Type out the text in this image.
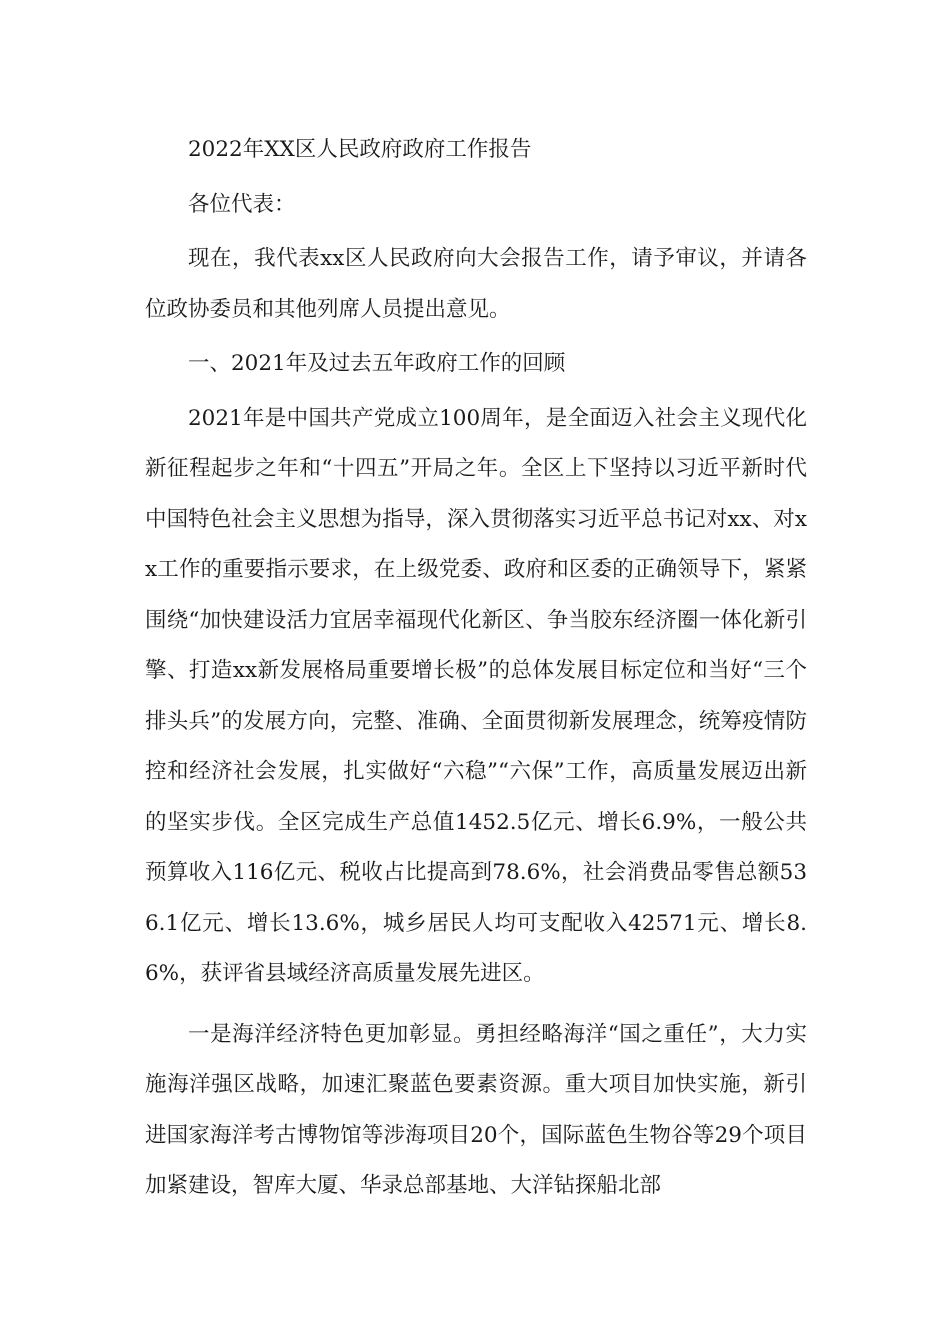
2022年XX区人民政府政府工作报告

各位代表：

现在，我代表xx区人民政府向大会报告工作，请予审议，并请各位政协委员和其他列席人员提出意见。

一、2021年及过去五年政府工作的回顾

2021年是中国共产党成立100周年，是全面迈入社会主义现代化新征程起步之年和“十四五”开局之年。全区上下坚持以习近平新时代中国特色社会主义思想为指导，深入贯彻落实习近平总书记对xx、对xx工作的重要指示要求，在上级党委、政府和区委的正确领导下，紧紧围绕“加快建设活力宜居幸福现代化新区、争当胶东经济圈一体化新引擎、打造xx新发展格局重要增长极”的总体发展目标定位和当好“三个排头兵”的发展方向，完整、准确、全面贯彻新发展理念，统筹疫情防控和经济社会发展，扎实做好“六稳”“六保”工作，高质量发展迈出新的坚实步伐。全区完成生产总值1452.5亿元、增长6.9%，一般公共预算收入116亿元、税收占比提高到78.6%，社会消费品零售总额536.1亿元、增长13.6%，城乡居民人均可支配收入42571元、增长8.6%，获评省县域经济高质量发展先进区。

一是海洋经济特色更加彰显。勇担经略海洋“国之重任”，大力实施海洋强区战略，加速汇聚蓝色要素资源。重大项目加快实施，新引进国家海洋考古博物馆等涉海项目20个，国际蓝色生物谷等29个项目加紧建设，智库大厦、华录总部基地、大洋钻探船北部
